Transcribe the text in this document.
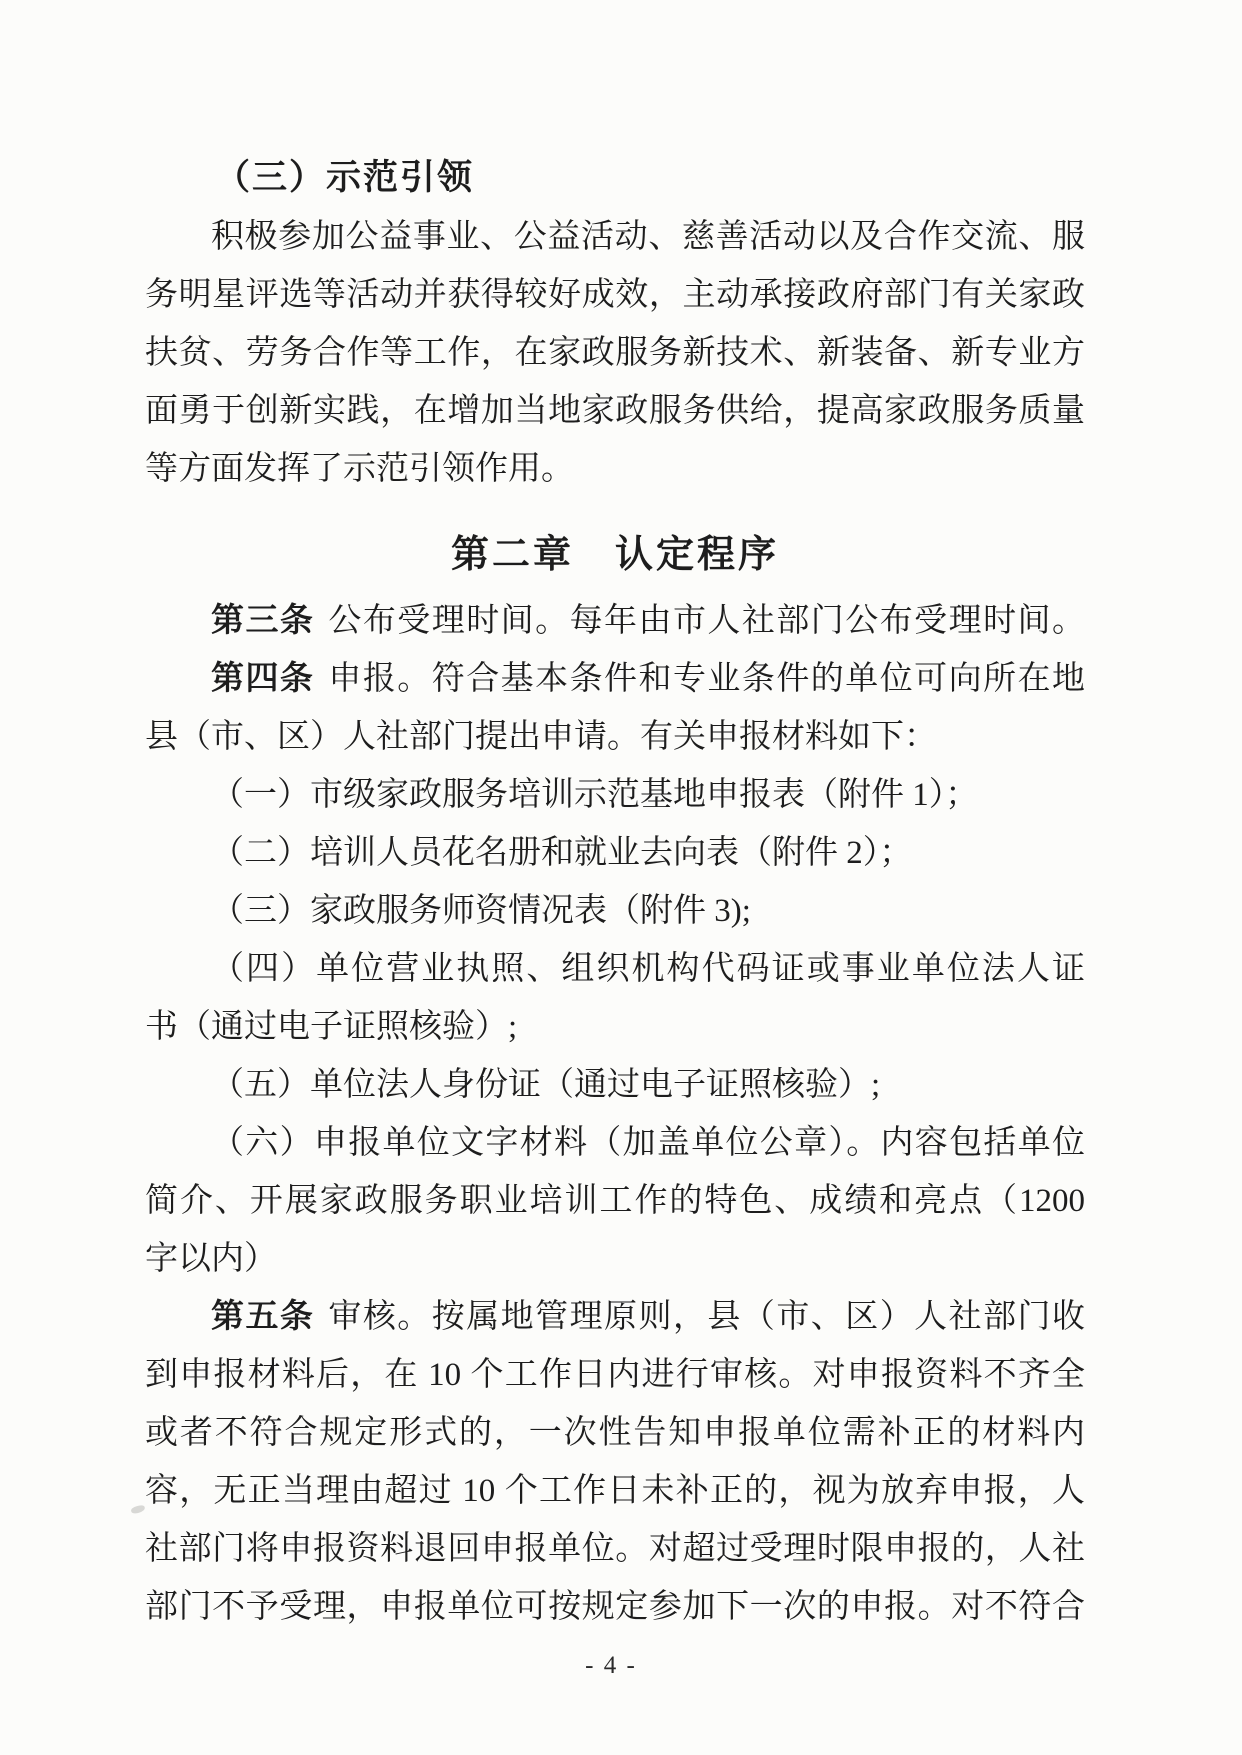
（三）示范引领
积极参加公益事业、公益活动、慈善活动以及合作交流、服
务明星评选等活动并获得较好成效，主动承接政府部门有关家政
扶贫、劳务合作等工作，在家政服务新技术、新装备、新专业方
面勇于创新实践，在增加当地家政服务供给，提高家政服务质量
等方面发挥了示范引领作用。
第二章　认定程序
第三条 公布受理时间。每年由市人社部门公布受理时间。
第四条 申报。符合基本条件和专业条件的单位可向所在地
县（市、区）人社部门提出申请。有关申报材料如下：
（一）市级家政服务培训示范基地申报表（附件 1）；
（二）培训人员花名册和就业去向表（附件 2）；
（三）家政服务师资情况表（附件 3);
（四）单位营业执照、组织机构代码证或事业单位法人证
书（通过电子证照核验）;
（五）单位法人身份证（通过电子证照核验）;
（六）申报单位文字材料（加盖单位公章）。内容包括单位
简介、开展家政服务职业培训工作的特色、成绩和亮点（1200
字以内）
第五条 审核。按属地管理原则，县（市、区）人社部门收
到申报材料后，在 10 个工作日内进行审核。对申报资料不齐全
或者不符合规定形式的，一次性告知申报单位需补正的材料内
容，无正当理由超过 10 个工作日未补正的，视为放弃申报，人
社部门将申报资料退回申报单位。对超过受理时限申报的，人社
部门不予受理，申报单位可按规定参加下一次的申报。对不符合
- 4 -
